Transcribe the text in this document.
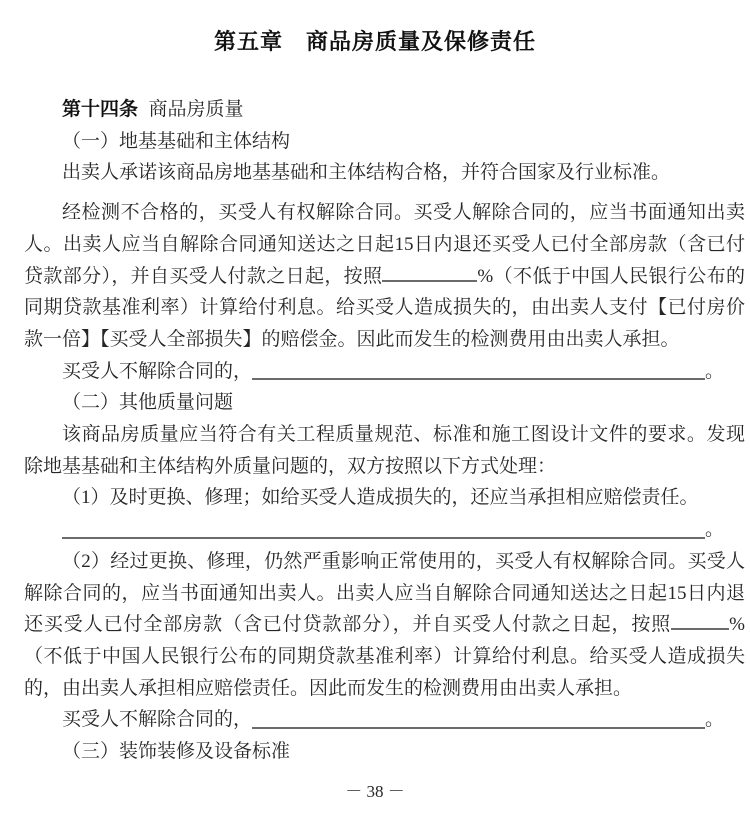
第五章　商品房质量及保修责任

第十四条 商品房质量

（一）地基基础和主体结构

出卖人承诺该商品房地基基础和主体结构合格，并符合国家及行业标准。

经检测不合格的，买受人有权解除合同。买受人解除合同的，应当书面通知出卖人。出卖人应当自解除合同通知送达之日起15日内退还买受人已付全部房款（含已付贷款部分），并自买受人付款之日起，按照	%（不低于中国人民银行公布的同期贷款基准利率）计算给付利息。给买受人造成损失的，由出卖人支付【已付房价款一倍】【买受人全部损失】的赔偿金。因此而发生的检测费用由出卖人承担。

买受人不解除合同的，	。

（二）其他质量问题

该商品房质量应当符合有关工程质量规范、标准和施工图设计文件的要求。发现除地基基础和主体结构外质量问题的，双方按照以下方式处理：

（1）及时更换、修理；如给买受人造成损失的，还应当承担相应赔偿责任。

。

（2）经过更换、修理，仍然严重影响正常使用的，买受人有权解除合同。买受人解除合同的，应当书面通知出卖人。出卖人应当自解除合同通知送达之日起15日内退还买受人已付全部房款（含已付贷款部分），并自买受人付款之日起，按照	%（不低于中国人民银行公布的同期贷款基准利率）计算给付利息。给买受人造成损失的，由出卖人承担相应赔偿责任。因此而发生的检测费用由出卖人承担。

买受人不解除合同的，	。

（三）装饰装修及设备标准

－ 38 －
